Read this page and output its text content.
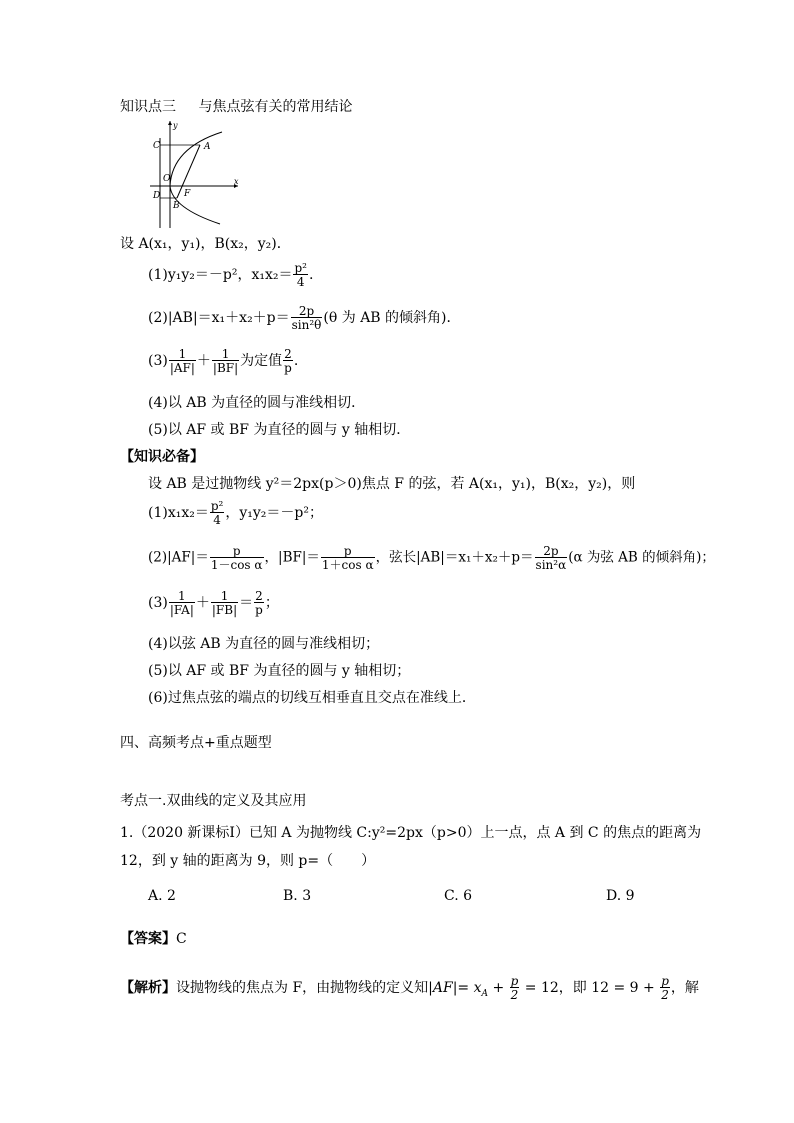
知识点三 与焦点弦有关的常用结论
y
x
C	A
O
F
D
B
设 A(x₁，y₁)，B(x₂，y₂)．
(1)y₁y₂＝－p²，$x_1x_2= \frac{\text{p²}}{4}$ .
$(2)|AB|=x_1+x_2+p= \frac{2p}{\text{sin²θ}} (\theta$ 为 AB 的倾斜角)．
$(3) \frac{1}{|AF|} + \frac{1}{|BF|}$ 为定值 $\frac{2}{p}$ .
(4)以 AB 为直径的圆与准线相切．
(5)以 AF 或 BF 为直径的圆与 y 轴相切．
【知识必备】
设 AB 是过抛物线 y²＝2px(p＞0)焦点 F 的弦，若 A(x₁，y₁)，B(x₂，y₂)，则
$(1)x_1x_2= \frac{\text{p²}}{4}$ ，y₁y₂＝－p²；
$(2)|AF|= \frac{p}{\text{1－cos α}}$ ，$|BF|= \frac{p}{\text{1＋cos α}}$ ，弦长$|AB|=x_1+x_2+p= \frac{2p}{\text{sin²α}} (\alpha$ 为弦 AB 的倾斜角)；
$(3) \frac{1}{|FA|} + \frac{1}{|FB|} = \frac{2}{p}$ ；
(4)以弦 AB 为直径的圆与准线相切；
(5)以 AF 或 BF 为直径的圆与 y 轴相切；
(6)过焦点弦的端点的切线互相垂直且交点在准线上．
四、高频考点+重点题型
考点一.双曲线的定义及其应用
1.（2020 新课标Ⅰ）已知 A 为抛物线 C:y²=2px（p>0）上一点，点 A 到 C 的焦点的距离为
12，到 y 轴的距离为 9，则 p=（　　）
A. 2	B. 3	C. 6	D. 9
【答案】C
【解析】设抛物线的焦点为 F，由抛物线的定义知$|AF|= x_A + \frac{p}{2} = 12$，即 $12 = 9 + \frac{p}{2}$ ，解
